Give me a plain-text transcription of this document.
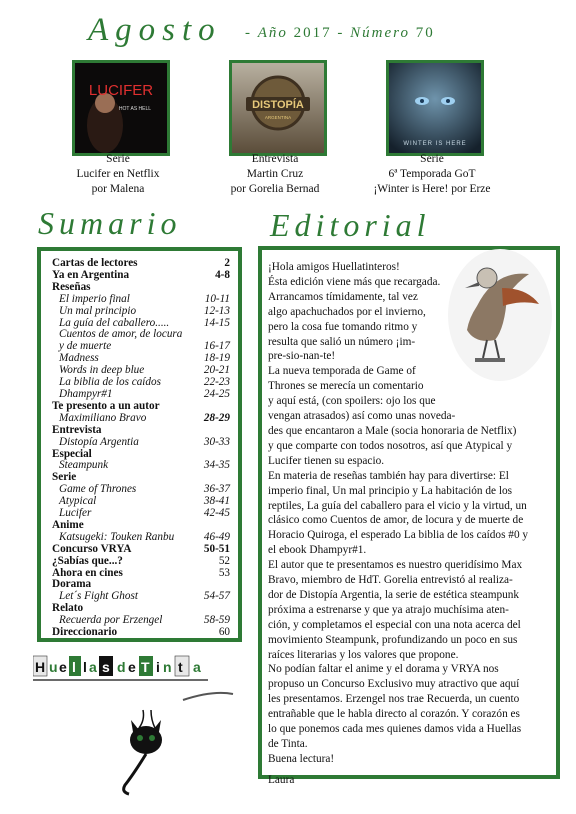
Agosto - Año 2017 - Número 70
LUCIFER
HOT AS HELL	DISTOPÍA
ARGENTINA
WINTER IS HERE
Serie
Lucifer en Netflix
por Malena
Entrevista
Martin Cruz
por Gorelia Bernad
Serie
6ª Temporada GoT
¡Winter is Here! por Erze
Sumario	Editorial
Cartas de lectores	2
Ya en Argentina	4-8
Reseñas
El imperio final	10-11
Un mal principio	12-13
La guía del caballero.....	14-15
Cuentos de amor, de locura
y de muerte	16-17
Madness	18-19
Words in deep blue	20-21
La biblia de los caídos	22-23
Dhampyr#1	24-25
Te presento a un autor
Maximiliano Bravo	28-29
Entrevista
Distopía Argentia	30-33
Especial
Steampunk	34-35
Serie
Game of Thrones	36-37
Atypical	38-41
Lucifer	42-45
Anime
Katsugeki: Touken Ranbu	46-49
Concurso VRYA	50-51
¿Sabías que...?	52
Ahora en cines	53
Dorama
Let´s Fight Ghost	54-57
Relato
Recuerda por Erzengel	58-59
Direccionario	60
H u e l l a s d e T i n t a

¡Hola amigos Huellatinteros!

Ésta edición viene más que recargada.

Arrancamos tímidamente, tal vez

algo apachuchados por el invierno,

pero la cosa fue tomando ritmo y

resulta que salió un número ¡im-

pre-sio-nan-te!

La nueva temporada de Game of

Thrones se merecía un comentario

y aquí está, (con spoilers: ojo los que

vengan atrasados) así como unas noveda-

des que encantaron a Male (socia honoraria de Netflix)

y que comparte con todos nosotros, así que Atypical y

Lucifer tienen su espacio.

En materia de reseñas también hay para divertirse: El

imperio final, Un mal principio y La habitación de los

reptiles, La guía del caballero para el vicio y la virtud, un

clásico como Cuentos de amor, de locura y de muerte de

Horacio Quiroga, el esperado La biblia de los caídos #0 y

el ebook Dhampyr#1.

El autor que te presentamos es nuestro queridísimo Max

Bravo, miembro de HdT. Gorelia entrevistó al realiza-

dor de Distopía Argentia, la serie de estética steampunk

próxima a estrenarse y que ya atrajo muchísima aten-

ción, y completamos el especial con una nota acerca del

movimiento Steampunk, profundizando un poco en sus

raíces literarias y los valores que propone.

No podían faltar el anime y el dorama y VRYA nos

propuso un Concurso Exclusivo muy atractivo que aquí

les presentamos. Erzengel nos trae Recuerda, un cuento

entrañable que le habla directo al corazón. Y corazón es

lo que ponemos cada mes quienes damos vida a Huellas

de Tinta.

Buena lectura!

Laura
